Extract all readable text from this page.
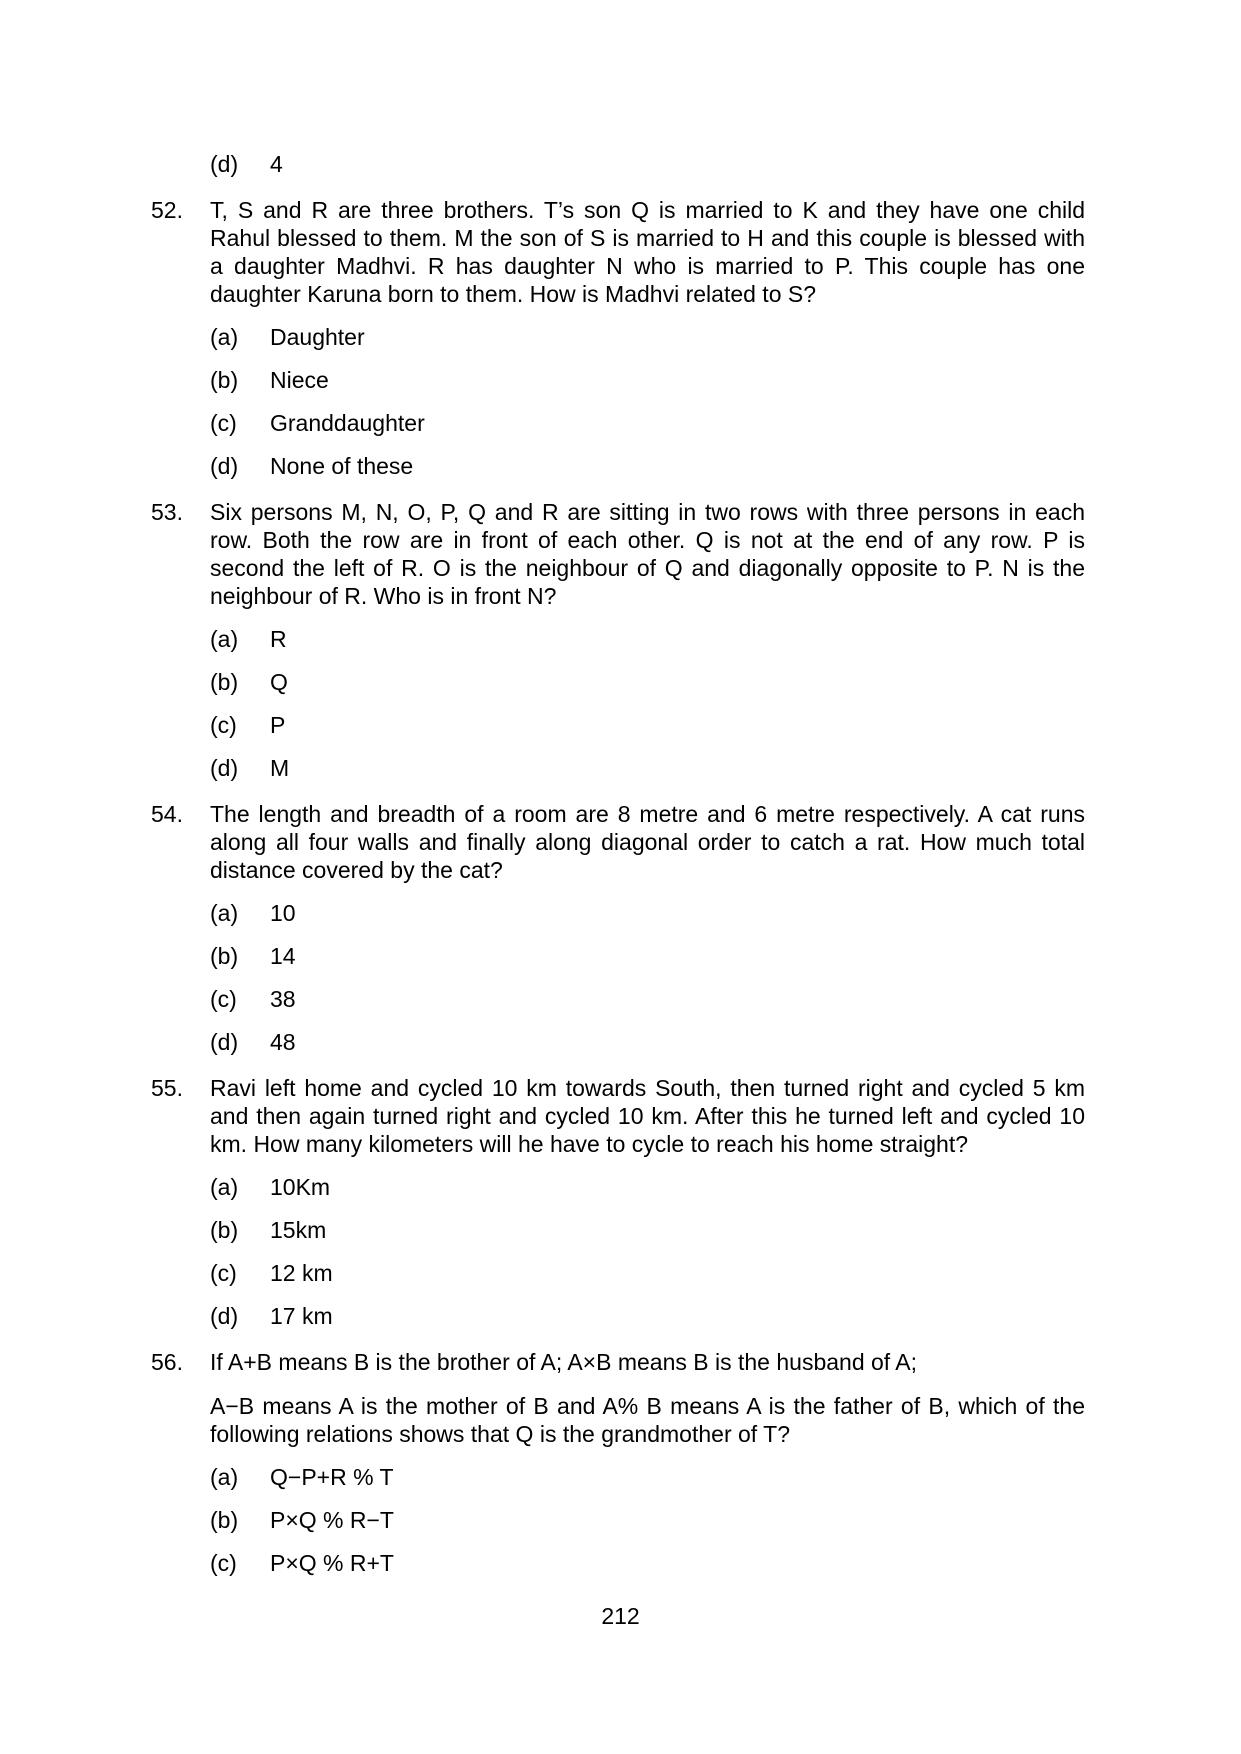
(d)	4
52.	T, S and R are three brothers. T’s son Q is married to K and they have one child Rahul blessed to them. M the son of S is married to H and this couple is blessed with a daughter Madhvi. R has daughter N who is married to P. This couple has one daughter Karuna born to them. How is Madhvi related to S?
(a)	Daughter
(b)	Niece
(c)	Granddaughter
(d)	None of these
53.	Six persons M, N, O, P, Q and R are sitting in two rows with three persons in each row. Both the row are in front of each other. Q is not at the end of any row. P is second the left of R. O is the neighbour of Q and diagonally opposite to P. N is the neighbour of R. Who is in front N?
(a)	R
(b)	Q
(c)	P
(d)	M
54.	The length and breadth of a room are 8 metre and 6 metre respectively. A cat runs along all four walls and finally along diagonal order to catch a rat. How much total distance covered by the cat?
(a)	10
(b)	14
(c)	38
(d)	48
55.	Ravi left home and cycled 10 km towards South, then turned right and cycled 5 km and then again turned right and cycled 10 km. After this he turned left and cycled 10 km. How many kilometers will he have to cycle to reach his home straight?
(a)	10Km
(b)	15km
(c)	12 km
(d)	17 km
56.	If A+B means B is the brother of A; A×B means B is the husband of A;
A−B means A is the mother of B and A% B means A is the father of B, which of the following relations shows that Q is the grandmother of T?
(a)	Q−P+R % T
(b)	P×Q % R−T
(c)	P×Q % R+T
212
